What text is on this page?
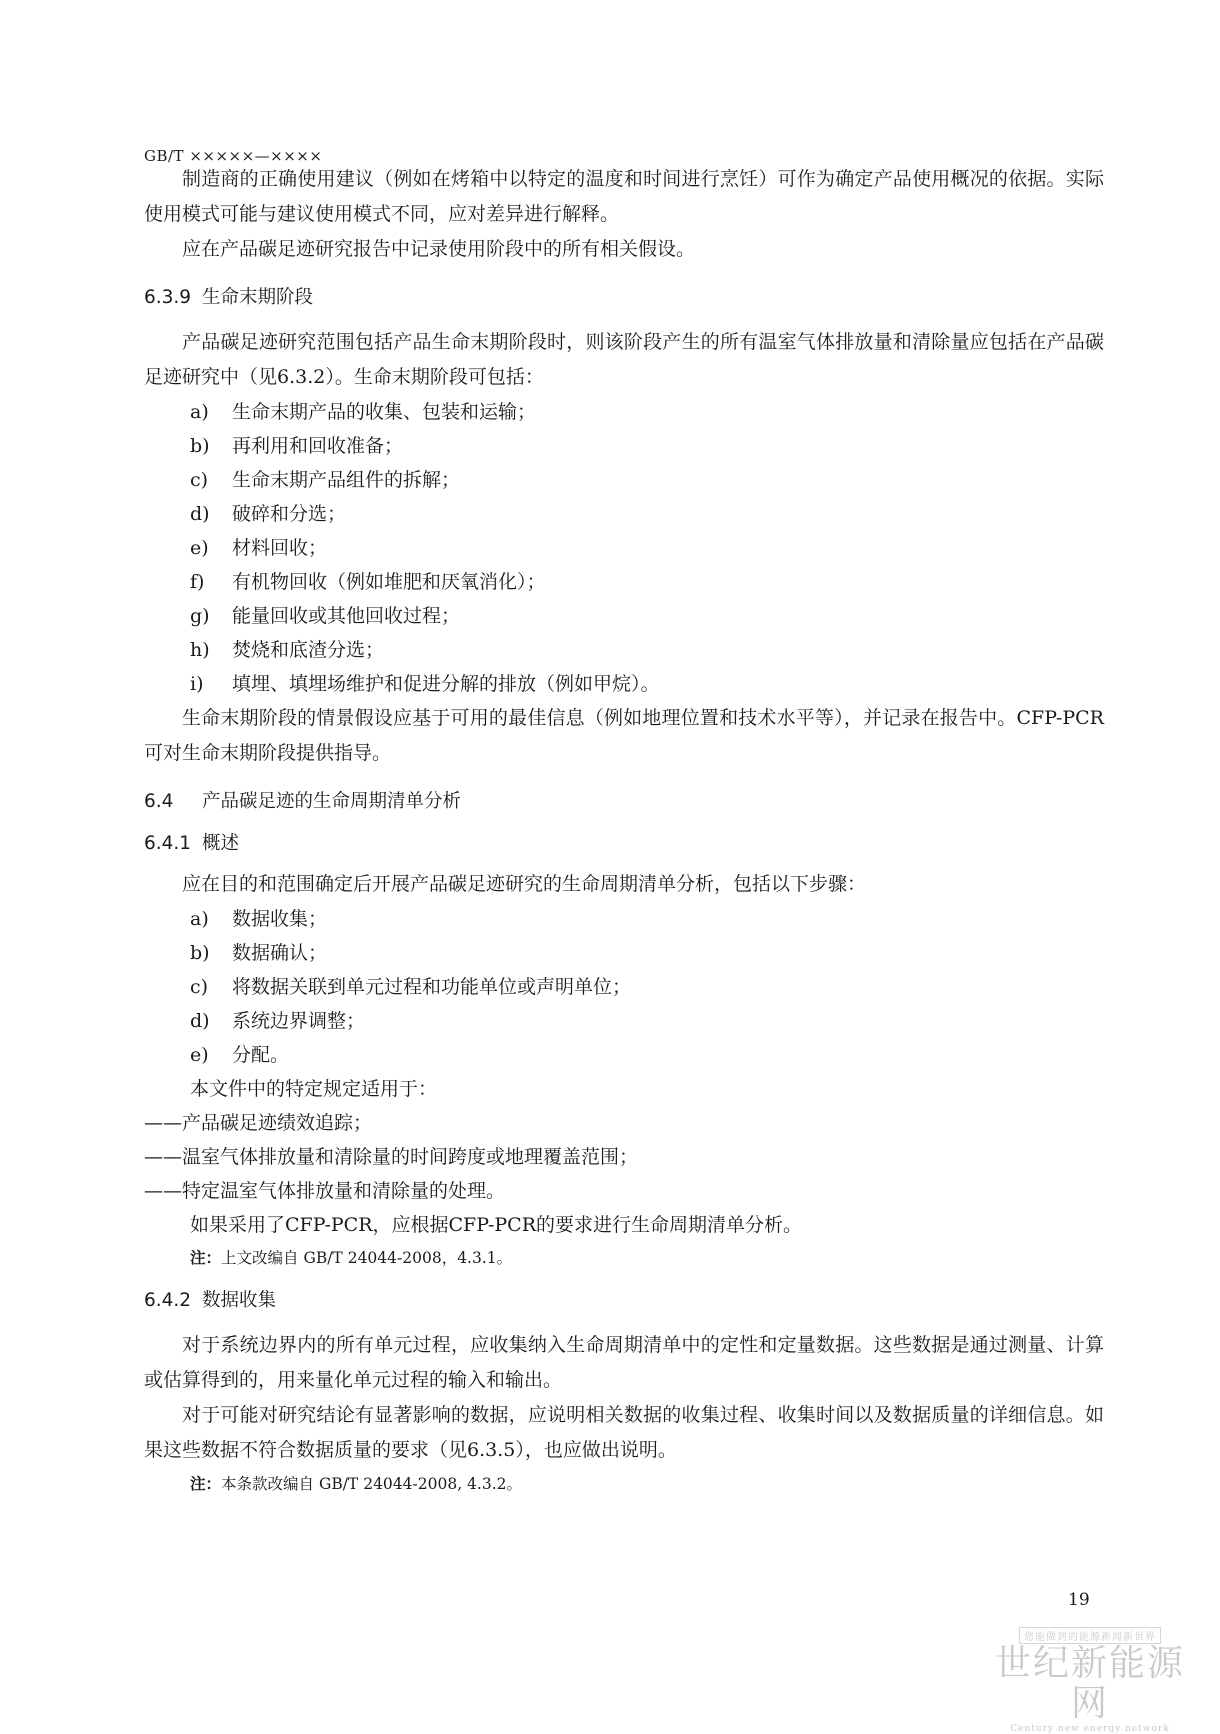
GB/T ×××××—××××

制造商的正确使用建议（例如在烤箱中以特定的温度和时间进行烹饪）可作为确定产品使用概况的依据。实际使用模式可能与建议使用模式不同，应对差异进行解释。

应在产品碳足迹研究报告中记录使用阶段中的所有相关假设。

6.3.9 生命末期阶段

产品碳足迹研究范围包括产品生命末期阶段时，则该阶段产生的所有温室气体排放量和清除量应包括在产品碳足迹研究中（见6.3.2）。生命末期阶段可包括：

a)	生命末期产品的收集、包装和运输；

b)	再利用和回收准备；

c)	生命末期产品组件的拆解；

d)	破碎和分选；

e)	材料回收；

f)	有机物回收（例如堆肥和厌氧消化）；

g)	能量回收或其他回收过程；

h)	焚烧和底渣分选；

i)	填埋、填埋场维护和促进分解的排放（例如甲烷）。

生命末期阶段的情景假设应基于可用的最佳信息（例如地理位置和技术水平等），并记录在报告中。CFP-PCR可对生命末期阶段提供指导。

6.4 产品碳足迹的生命周期清单分析

6.4.1 概述

应在目的和范围确定后开展产品碳足迹研究的生命周期清单分析，包括以下步骤：

a)	数据收集；

b)	数据确认；

c)	将数据关联到单元过程和功能单位或声明单位；

d)	系统边界调整；

e)	分配。

本文件中的特定规定适用于：

——产品碳足迹绩效追踪；

——温室气体排放量和清除量的时间跨度或地理覆盖范围；

——特定温室气体排放量和清除量的处理。

如果采用了CFP-PCR，应根据CFP-PCR的要求进行生命周期清单分析。

注：上文改编自 GB/T 24044-2008，4.3.1。

6.4.2 数据收集

对于系统边界内的所有单元过程，应收集纳入生命周期清单中的定性和定量数据。这些数据是通过测量、计算或估算得到的，用来量化单元过程的输入和输出。

对于可能对研究结论有显著影响的数据，应说明相关数据的收集过程、收集时间以及数据质量的详细信息。如果这些数据不符合数据质量的要求（见6.3.5），也应做出说明。

注：本条款改编自 GB/T 24044-2008, 4.3.2。

19
您能做到的能源新闻新世界
世纪新能源网
Century new energy network
